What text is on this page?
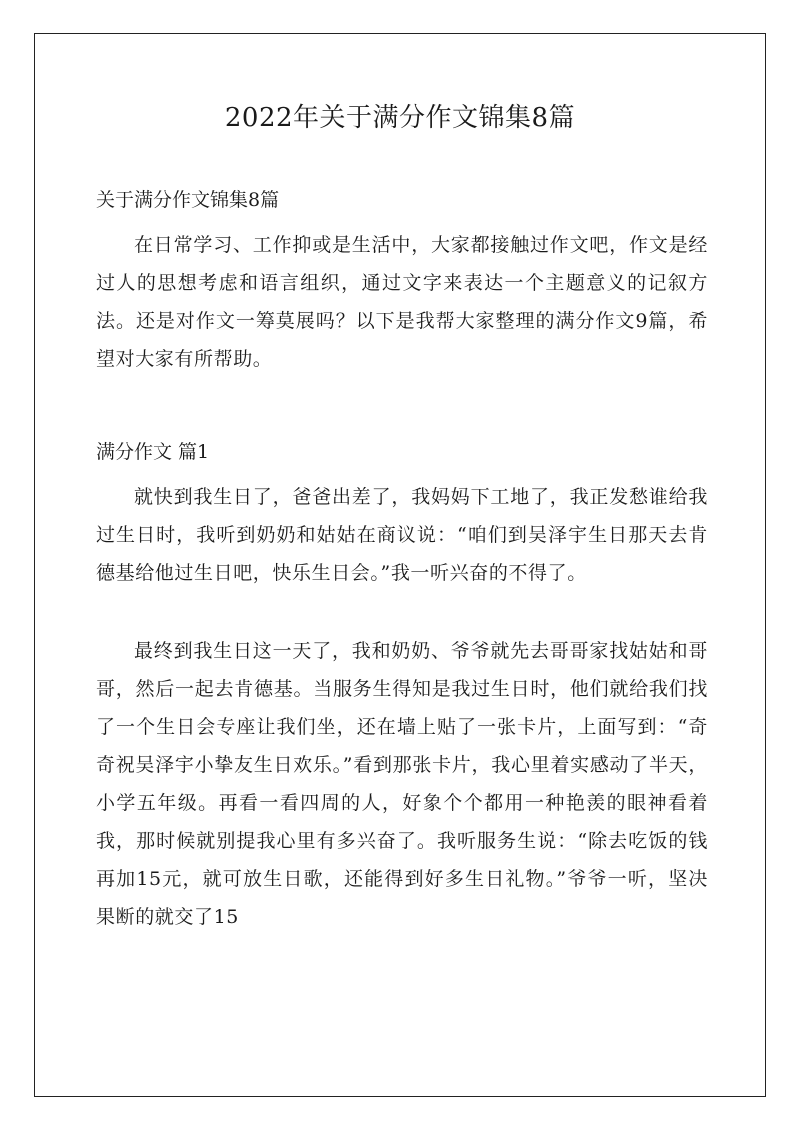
2022年关于满分作文锦集8篇
关于满分作文锦集8篇

在日常学习、工作抑或是生活中，大家都接触过作文吧，作文是经过人的思想考虑和语言组织，通过文字来表达一个主题意义的记叙方法。还是对作文一筹莫展吗？以下是我帮大家整理的满分作文9篇，希望对大家有所帮助。

满分作文 篇1

就快到我生日了，爸爸出差了，我妈妈下工地了，我正发愁谁给我过生日时，我听到奶奶和姑姑在商议说：“咱们到吴泽宇生日那天去肯德基给他过生日吧，快乐生日会。”我一听兴奋的不得了。

最终到我生日这一天了，我和奶奶、爷爷就先去哥哥家找姑姑和哥哥，然后一起去肯德基。当服务生得知是我过生日时，他们就给我们找了一个生日会专座让我们坐，还在墙上贴了一张卡片，上面写到：“奇奇祝吴泽宇小挚友生日欢乐。”看到那张卡片，我心里着实感动了半天，小学五年级。再看一看四周的人，好象个个都用一种艳羡的眼神看着我，那时候就别提我心里有多兴奋了。我听服务生说：“除去吃饭的钱再加15元，就可放生日歌，还能得到好多生日礼物。”爷爷一听，坚决果断的就交了15
